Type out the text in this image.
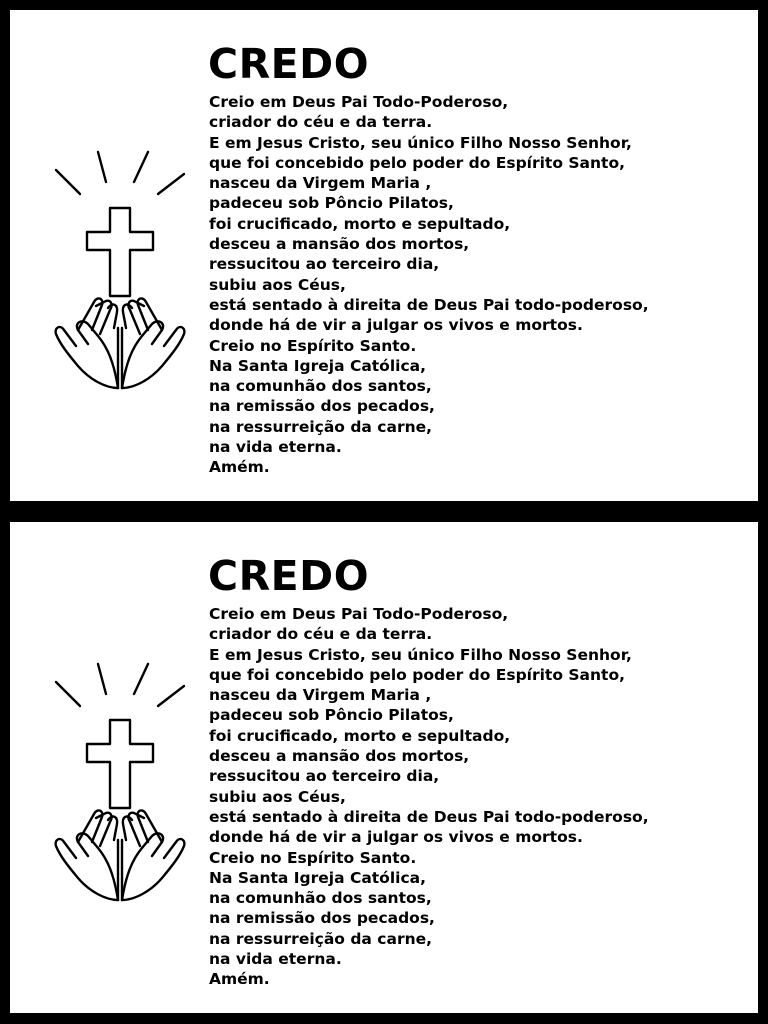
CREDO
Creio em Deus Pai Todo-Poderoso,
criador do céu e da terra.
E em Jesus Cristo, seu único Filho Nosso Senhor,
que foi concebido pelo poder do Espírito Santo,
nasceu da Virgem Maria ,
padeceu sob Pôncio Pilatos,
foi crucificado, morto e sepultado,
desceu a mansão dos mortos,
ressucitou ao terceiro dia,
subiu aos Céus,
está sentado à direita de Deus Pai todo-poderoso,
donde há de vir a julgar os vivos e mortos.
Creio no Espírito Santo.
Na Santa Igreja Católica,
na comunhão dos santos,
na remissão dos pecados,
na ressurreição da carne,
na vida eterna.
Amém.
CREDO
Creio em Deus Pai Todo-Poderoso,
criador do céu e da terra.
E em Jesus Cristo, seu único Filho Nosso Senhor,
que foi concebido pelo poder do Espírito Santo,
nasceu da Virgem Maria ,
padeceu sob Pôncio Pilatos,
foi crucificado, morto e sepultado,
desceu a mansão dos mortos,
ressucitou ao terceiro dia,
subiu aos Céus,
está sentado à direita de Deus Pai todo-poderoso,
donde há de vir a julgar os vivos e mortos.
Creio no Espírito Santo.
Na Santa Igreja Católica,
na comunhão dos santos,
na remissão dos pecados,
na ressurreição da carne,
na vida eterna.
Amém.
